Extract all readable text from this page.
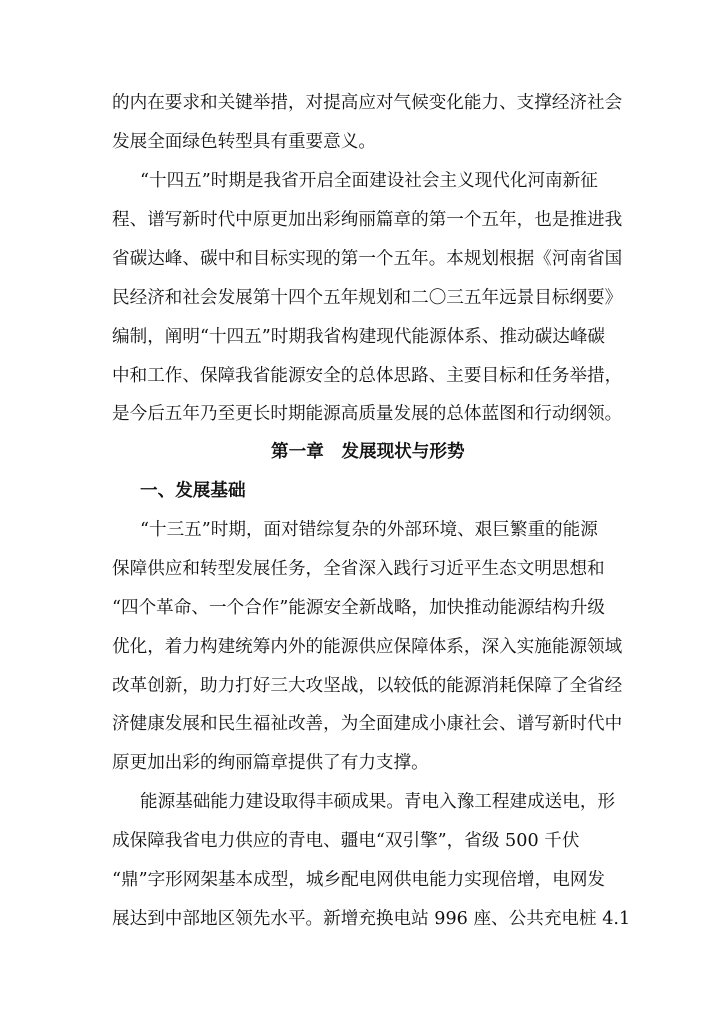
的内在要求和关键举措，对提高应对气候变化能力、支撑经济社会
发展全面绿色转型具有重要意义。
“十四五”时期是我省开启全面建设社会主义现代化河南新征
程、谱写新时代中原更加出彩绚丽篇章的第一个五年，也是推进我
省碳达峰、碳中和目标实现的第一个五年。本规划根据《河南省国
民经济和社会发展第十四个五年规划和二〇三五年远景目标纲要》
编制，阐明“十四五”时期我省构建现代能源体系、推动碳达峰碳
中和工作、保障我省能源安全的总体思路、主要目标和任务举措，
是今后五年乃至更长时期能源高质量发展的总体蓝图和行动纲领。
第一章　发展现状与形势
一、发展基础
“十三五”时期，面对错综复杂的外部环境、艰巨繁重的能源
保障供应和转型发展任务，全省深入践行习近平生态文明思想和
“四个革命、一个合作”能源安全新战略，加快推动能源结构升级
优化，着力构建统筹内外的能源供应保障体系，深入实施能源领域
改革创新，助力打好三大攻坚战，以较低的能源消耗保障了全省经
济健康发展和民生福祉改善，为全面建成小康社会、谱写新时代中
原更加出彩的绚丽篇章提供了有力支撑。
能源基础能力建设取得丰硕成果。青电入豫工程建成送电，形
成保障我省电力供应的青电、疆电“双引擎”，省级 500 千伏
“鼎”字形网架基本成型，城乡配电网供电能力实现倍增，电网发
展达到中部地区领先水平。新增充换电站 996 座、公共充电桩 4.1
